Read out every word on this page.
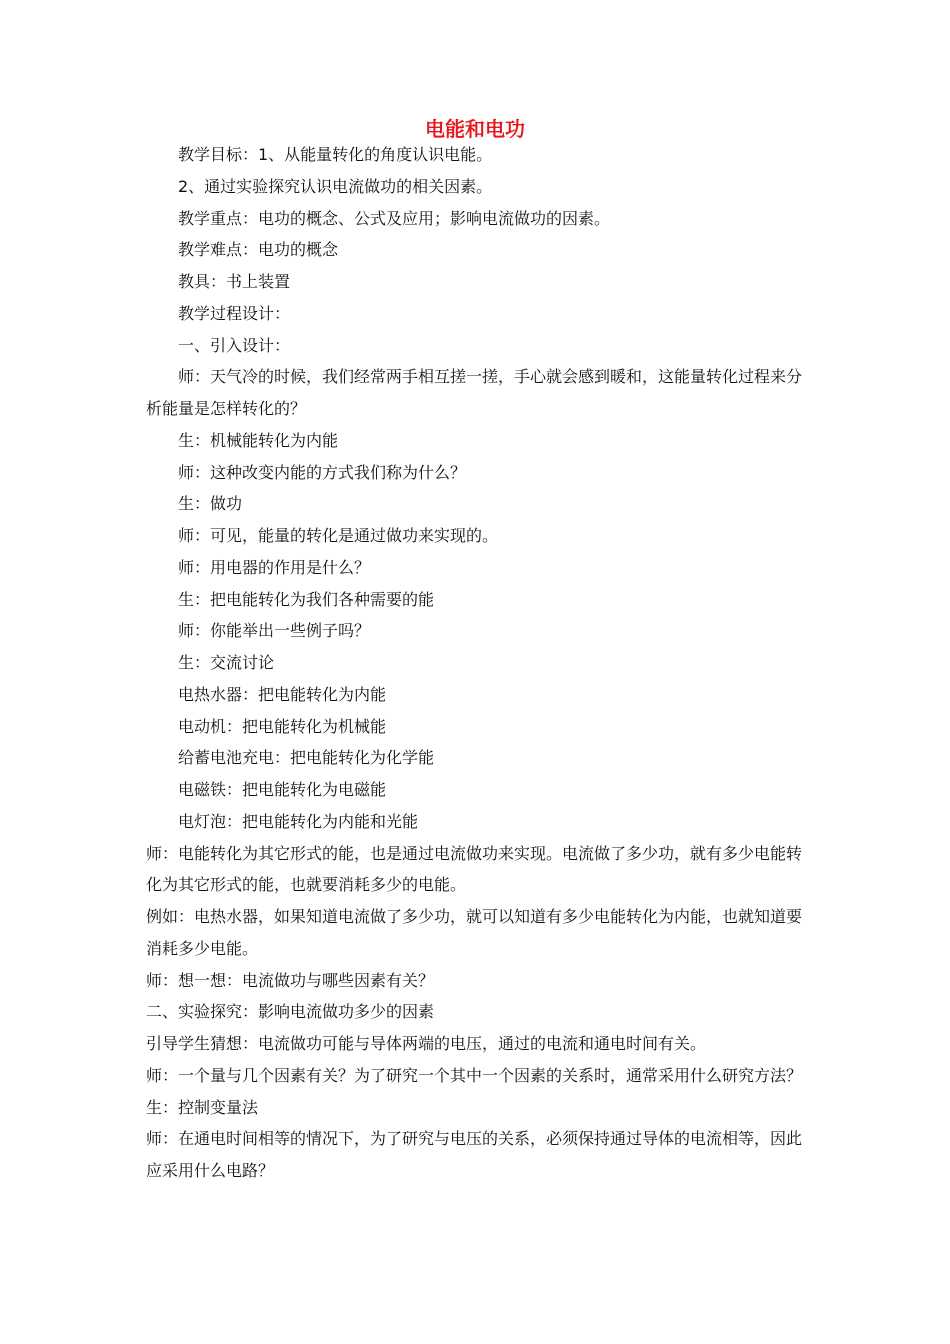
电能和电功

教学目标：1、从能量转化的角度认识电能。

2、通过实验探究认识电流做功的相关因素。

教学重点：电功的概念、公式及应用；影响电流做功的因素。

教学难点：电功的概念

教具：书上装置

教学过程设计：

一、引入设计：

师：天气冷的时候，我们经常两手相互搓一搓，手心就会感到暖和，这能量转化过程来分析能量是怎样转化的？

生：机械能转化为内能

师：这种改变内能的方式我们称为什么？

生：做功

师：可见，能量的转化是通过做功来实现的。

师：用电器的作用是什么？

生：把电能转化为我们各种需要的能

师：你能举出一些例子吗？

生：交流讨论

电热水器：把电能转化为内能

电动机：把电能转化为机械能

给蓄电池充电：把电能转化为化学能

电磁铁：把电能转化为电磁能

电灯泡：把电能转化为内能和光能

师：电能转化为其它形式的能，也是通过电流做功来实现。电流做了多少功，就有多少电能转化为其它形式的能，也就要消耗多少的电能。

例如：电热水器，如果知道电流做了多少功，就可以知道有多少电能转化为内能，也就知道要消耗多少电能。

师：想一想：电流做功与哪些因素有关？

二、实验探究：影响电流做功多少的因素

引导学生猜想：电流做功可能与导体两端的电压，通过的电流和通电时间有关。

师：一个量与几个因素有关？为了研究一个其中一个因素的关系时，通常采用什么研究方法？

生：控制变量法

师：在通电时间相等的情况下，为了研究与电压的关系，必须保持通过导体的电流相等，因此应采用什么电路？
